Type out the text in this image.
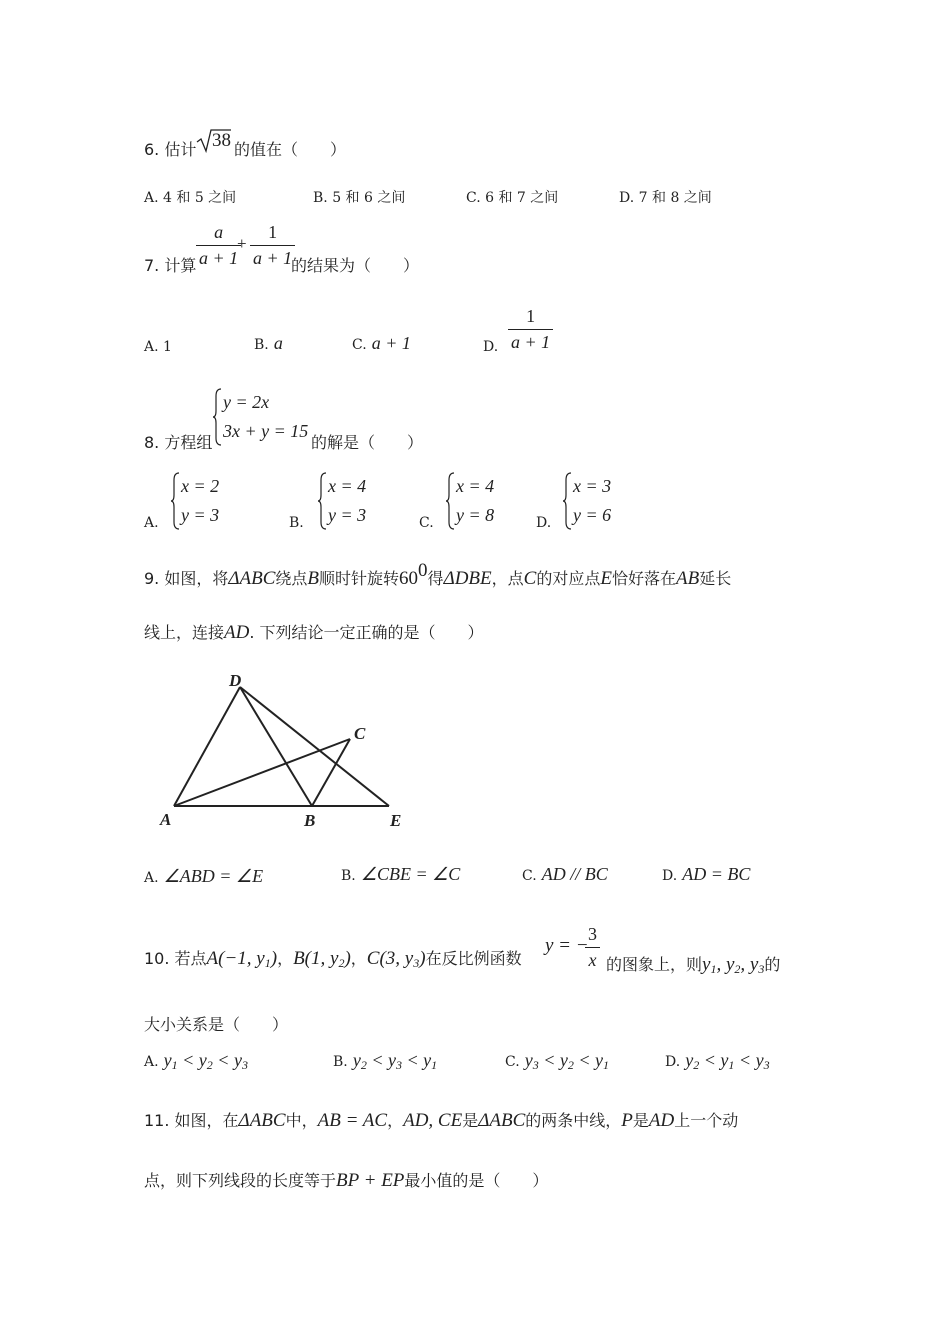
6. 估计 38 的值在（　　）
A. 4 和 5 之间	B. 5 和 6 之间	C. 6 和 7 之间	D. 7 和 8 之间
7. 计算 $\frac{a}{a + 1}$
+ $\frac{1}{a + 1}$
的结果为（　　）
A. 1	B. a	C. a + 1	D. $\frac{1}{a + 1}$
8. 方程组
y = 2x
3x + y = 15
的解是（　　）
A.
x = 2
y = 3	B.
x = 4
y = 3	C.
x = 4
y = 8	D.
x = 3
y = 6
9. 如图，将ΔABC绕点B顺时针旋转$60^0$得ΔDBE，点C的对应点E恰好落在AB延长
线上，连接AD. 下列结论一定正确的是（　　）
D
C
A	B	E
A. ∠ABD = ∠E	B. ∠CBE = ∠C	C. AD // BC	D. AD = BC
10. 若点A(−1, $y_1$)，B(1, $y_2$)，C(3, $y_3$)在反比例函数
y = −
$\frac{3}{x}$ 的图象上，则$y_1$, $y_2$, $y_3$的
大小关系是（　　）
A. $y_1 < y_2 < y_3$	B. $y_2 < y_3 < y_1$	C. $y_3 < y_2 < y_1$	D. $y_2 < y_1 < y_3$
11. 如图，在ΔABC中，AB = AC，AD, CE是ΔABC的两条中线，P是AD上一个动
点，则下列线段的长度等于BP + EP最小值的是（　　）
